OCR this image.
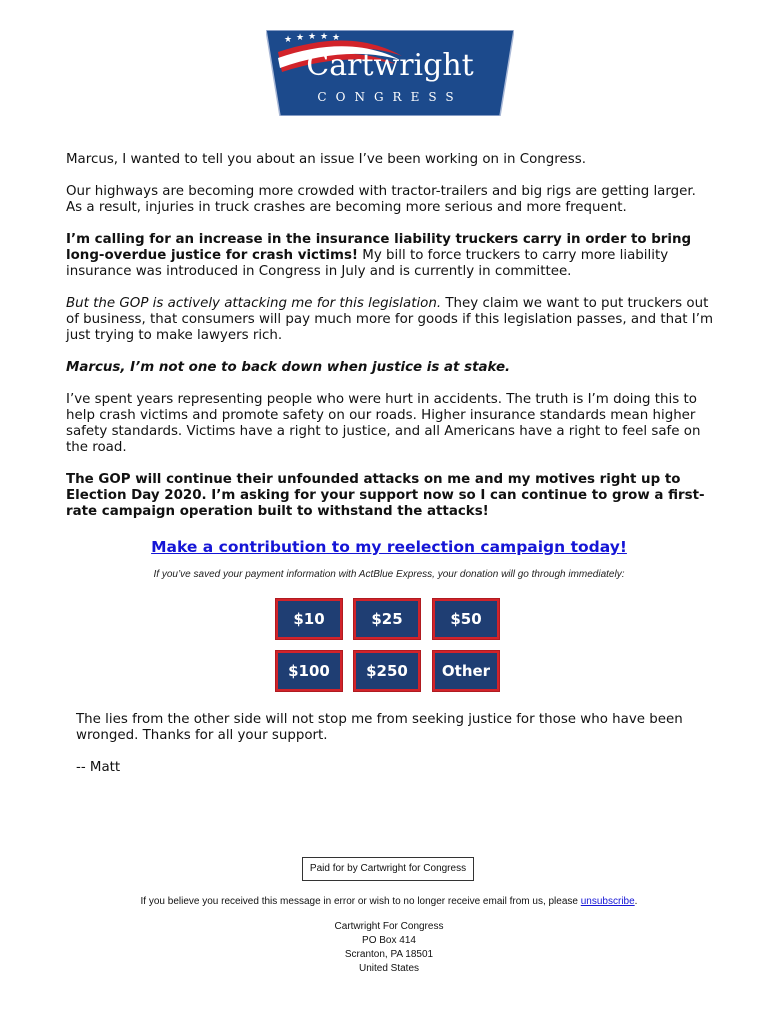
★ ★ ★ ★ ★
Cartwright
CONGRESS

Marcus, I wanted to tell you about an issue I’ve been working on in Congress.

Our highways are becoming more crowded with tractor-trailers and big rigs are getting larger. As a result, injuries in truck crashes are becoming more serious and more frequent.

I’m calling for an increase in the insurance liability truckers carry in order to bring long-overdue justice for crash victims! My bill to force truckers to carry more liability insurance was introduced in Congress in July and is currently in committee.

But the GOP is actively attacking me for this legislation. They claim we want to put truckers out of business, that consumers will pay much more for goods if this legislation passes, and that I’m just trying to make lawyers rich.

Marcus, I’m not one to back down when justice is at stake.

I’ve spent years representing people who were hurt in accidents. The truth is I’m doing this to help crash victims and promote safety on our roads. Higher insurance standards mean higher safety standards. Victims have a right to justice, and all Americans have a right to feel safe on the road.

The GOP will continue their unfounded attacks on me and my motives right up to Election Day 2020. I’m asking for your support now so I can continue to grow a first-rate campaign operation built to withstand the attacks!

Make a contribution to my reelection campaign today!
If you’ve saved your payment information with ActBlue Express, your donation will go through immediately:
$10	$25	$50
$100	$250	Other

The lies from the other side will not stop me from seeking justice for those who have been wronged. Thanks for all your support.

-- Matt

Paid for by Cartwright for Congress
If you believe you received this message in error or wish to no longer receive email from us, please unsubscribe.
Cartwright For Congress
PO Box 414
Scranton, PA 18501
United States
